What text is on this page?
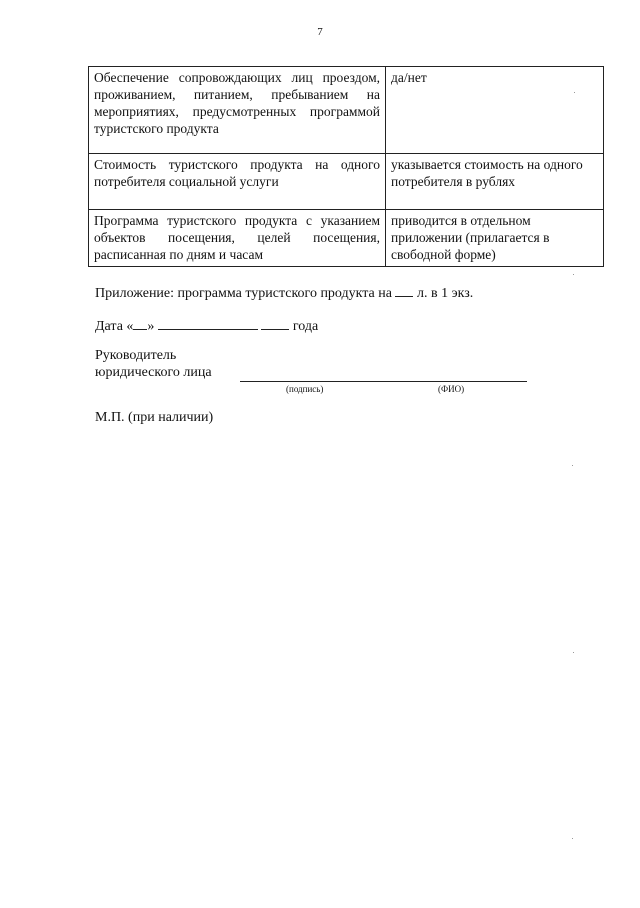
7
Обеспечение сопровождающих лиц проездом, проживанием, питанием, пребыванием на мероприятиях, предусмотренных программой туристского продукта	да/нет
Стоимость туристского продукта на одного потребителя социальной услуги	указывается стоимость на одного потребителя в рублях
Программа туристского продукта с указанием объектов посещения, целей посещения, расписанная по дням и часам	приводится в отдельном приложении (прилагается в свободной форме)
Приложение: программа туристского продукта на л. в 1 экз.
Дата « »	года
Руководитель
юридического лица
(подпись)	(ФИО)
М.П. (при наличии)
